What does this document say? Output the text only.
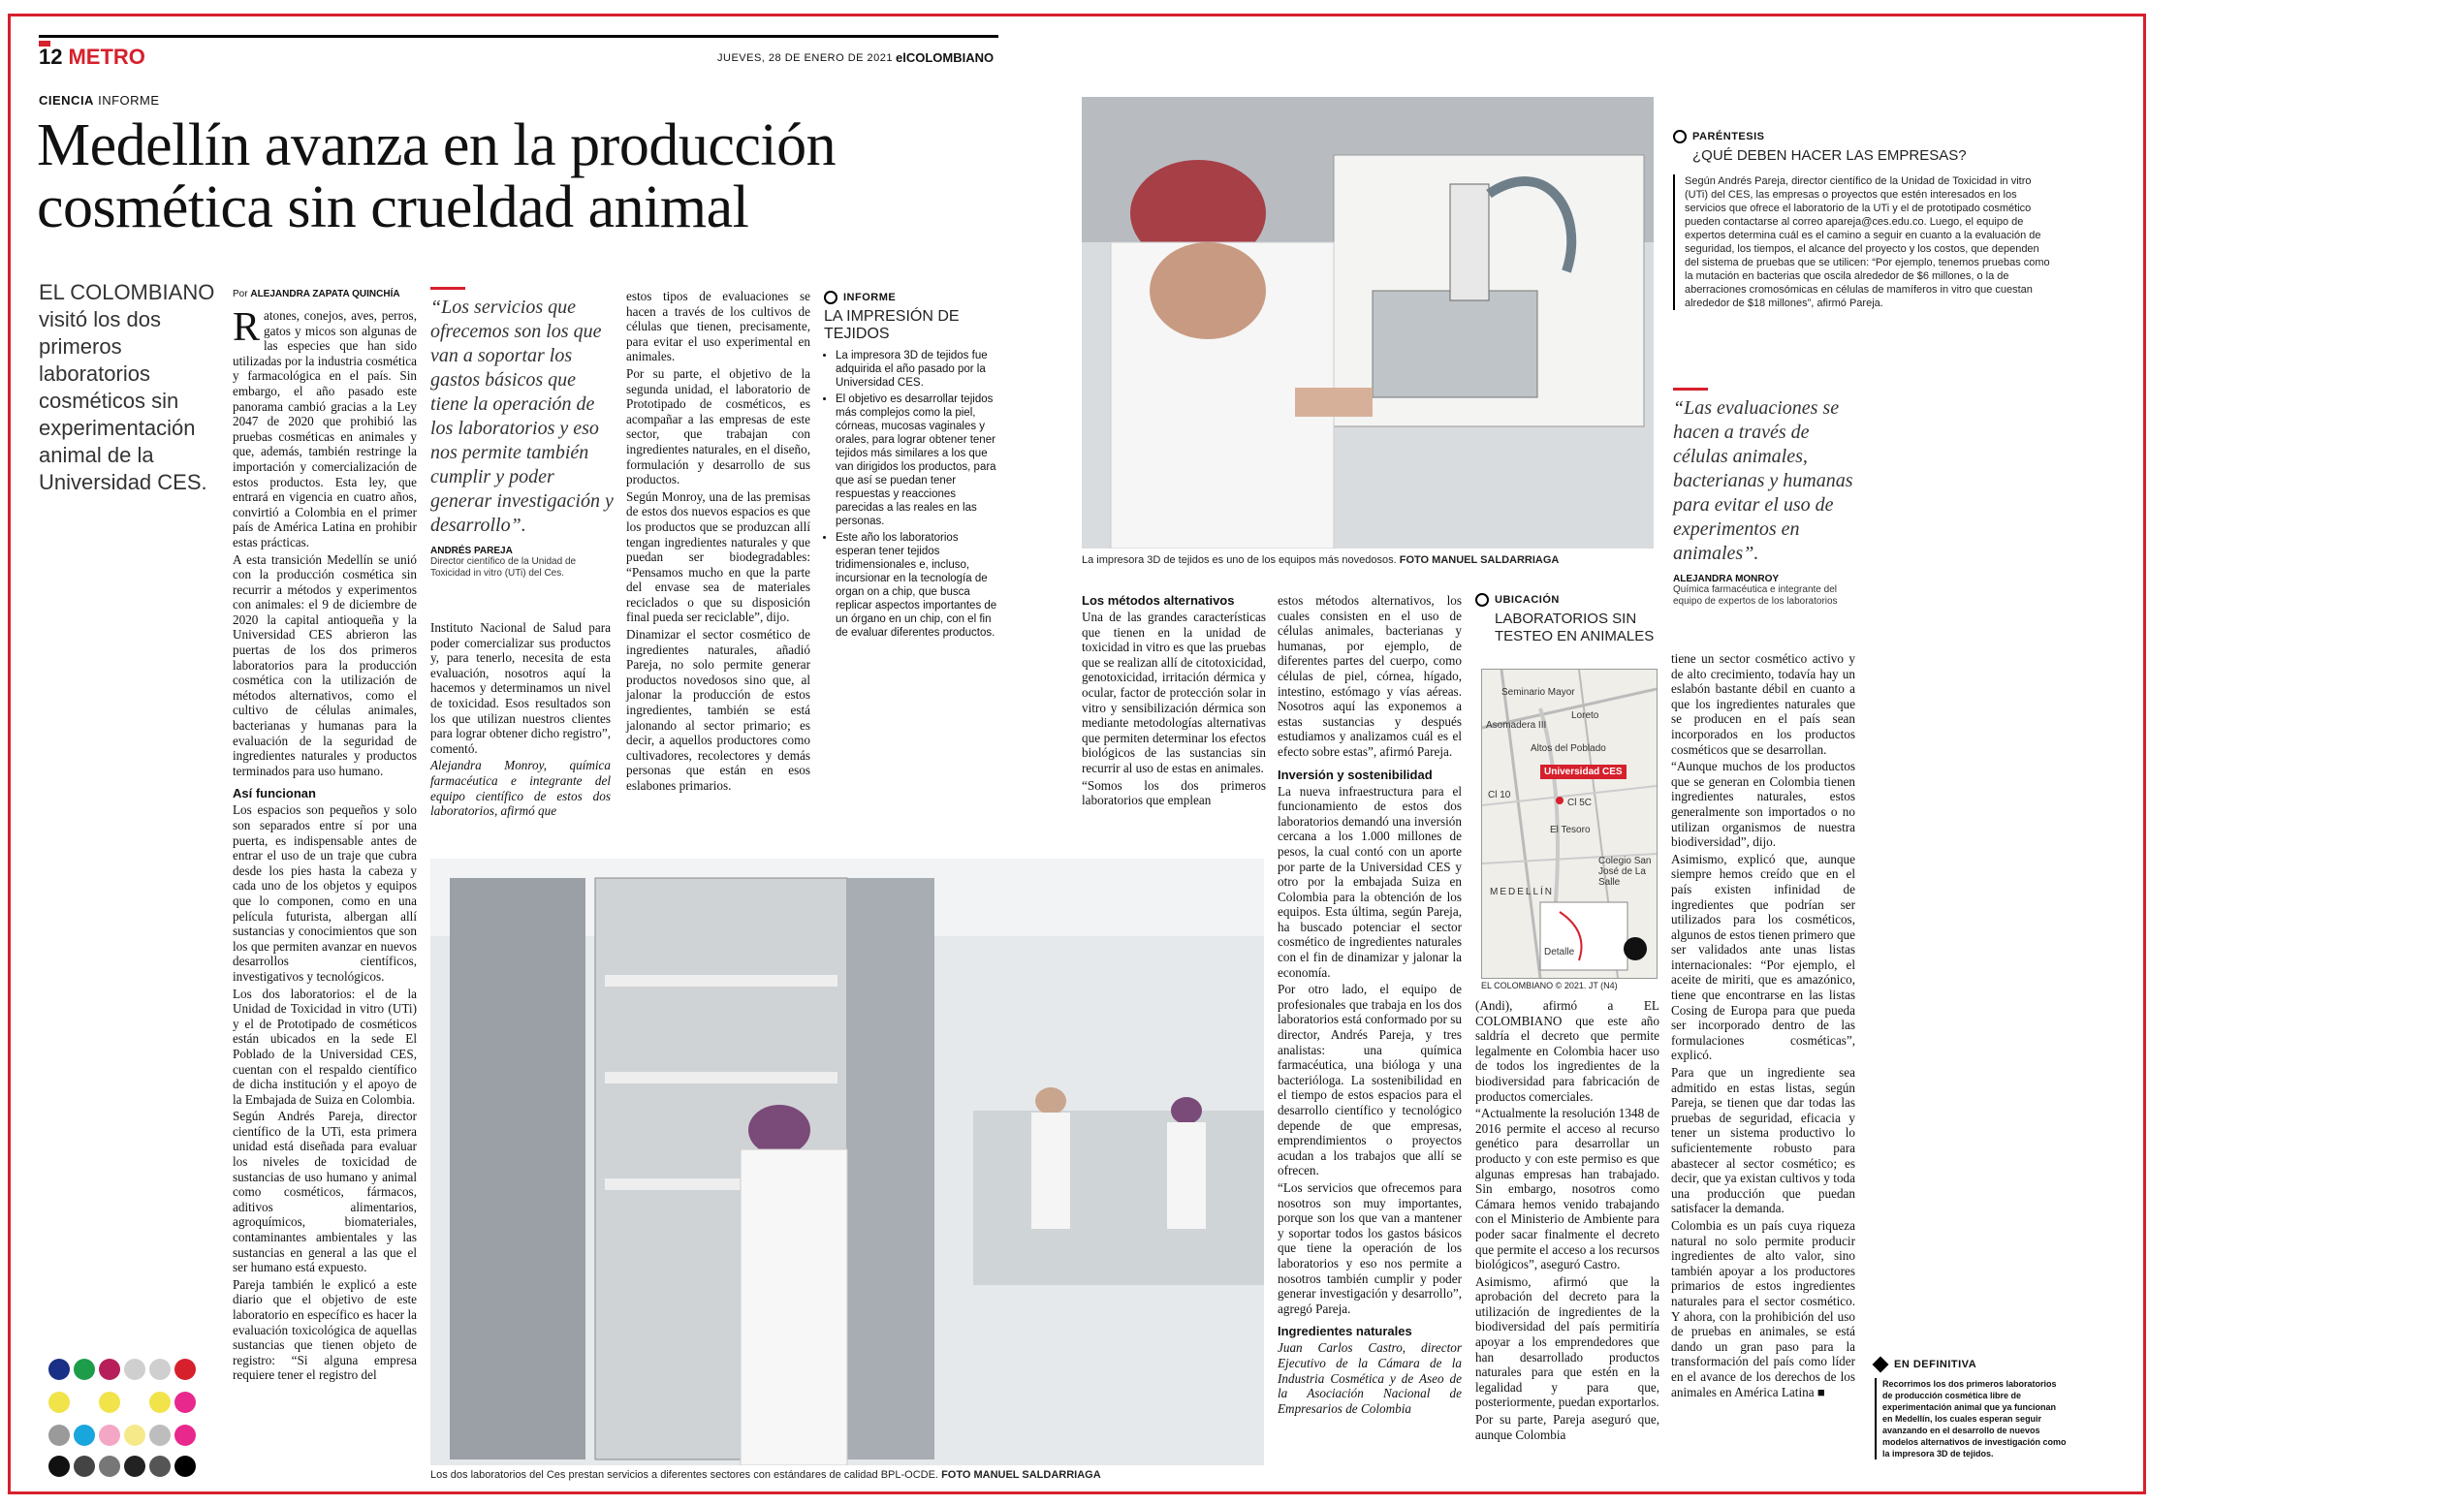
12 METRO	JUEVES, 28 DE ENERO DE 2021 elCOLOMBIANO
CIENCIA INFORME
Medellín avanza en la producción cosmética sin crueldad animal
EL COLOMBIANO visitó los dos primeros laboratorios cosméticos sin experimentación animal de la Universidad CES.
Por ALEJANDRA ZAPATA QUINCHÍA

Ratones, conejos, aves, perros, gatos y micos son algunas de las especies que han sido utilizadas por la industria cosmética y farmacológica en el país. Sin embargo, el año pasado este panorama cambió gracias a la Ley 2047 de 2020 que prohibió las pruebas cosméticas en animales y que, además, también restringe la importación y comercialización de estos productos. Esta ley, que entrará en vigencia en cuatro años, convirtió a Colombia en el primer país de América Latina en prohibir estas prácticas.

A esta transición Medellín se unió con la producción cosmética sin recurrir a métodos y experimentos con animales: el 9 de diciembre de 2020 la capital antioqueña y la Universidad CES abrieron las puertas de los dos primeros laboratorios para la producción cosmética con la utilización de métodos alternativos, como el cultivo de células animales, bacterianas y humanas para la evaluación de la seguridad de ingredientes naturales y productos terminados para uso humano.

Así funcionan

Los espacios son pequeños y solo son separados entre sí por una puerta, es indispensable antes de entrar el uso de un traje que cubra desde los pies hasta la cabeza y cada uno de los objetos y equipos que lo componen, como en una película futurista, albergan allí sustancias y conocimientos que son los que permiten avanzar en nuevos desarrollos científicos, investigativos y tecnológicos.

Los dos laboratorios: el de la Unidad de Toxicidad in vitro (UTi) y el de Prototipado de cosméticos están ubicados en la sede El Poblado de la Universidad CES, cuentan con el respaldo científico de dicha institución y el apoyo de la Embajada de Suiza en Colombia.

Según Andrés Pareja, director científico de la UTi, esta primera unidad está diseñada para evaluar los niveles de toxicidad de sustancias de uso humano y animal como cosméticos, fármacos, aditivos alimentarios, agroquímicos, biomateriales, contaminantes ambientales y las sustancias en general a las que el ser humano está expuesto.

Pareja también le explicó a este diario que el objetivo de este laboratorio en específico es hacer la evaluación toxicológica de aquellas sustancias que tienen objeto de registro: “Si alguna empresa requiere tener el registro del

“Los servicios que ofrecemos son los que van a soportar los gastos básicos que tiene la operación de los laboratorios y eso nos permite también cumplir y poder generar investigación y desarrollo”.
ANDRÉS PAREJA
Director científico de la Unidad de Toxicidad in vitro (UTi) del Ces.

Instituto Nacional de Salud para poder comercializar sus productos y, para tenerlo, necesita de esta evaluación, nosotros aquí la hacemos y determinamos un nivel de toxicidad. Esos resultados son los que utilizan nuestros clientes para lograr obtener dicho registro”, comentó.

Alejandra Monroy, química farmacéutica e integrante del equipo científico de estos dos laboratorios, afirmó que

estos tipos de evaluaciones se hacen a través de los cultivos de células que tienen, precisamente, para evitar el uso experimental en animales.

Por su parte, el objetivo de la segunda unidad, el laboratorio de Prototipado de cosméticos, es acompañar a las empresas de este sector, que trabajan con ingredientes naturales, en el diseño, formulación y desarrollo de sus productos.

Según Monroy, una de las premisas de estos dos nuevos espacios es que los productos que se produzcan allí tengan ingredientes naturales y que puedan ser biodegradables: “Pensamos mucho en que la parte del envase sea de materiales reciclados o que su disposición final pueda ser reciclable”, dijo.

Dinamizar el sector cosmético de ingredientes naturales, añadió Pareja, no solo permite generar productos novedosos sino que, al jalonar la producción de estos ingredientes, también se está jalonando al sector primario; es decir, a aquellos productores como cultivadores, recolectores y demás personas que están en esos eslabones primarios.

INFORME
LA IMPRESIÓN DE TEJIDOS
• La impresora 3D de tejidos fue adquirida el año pasado por la Universidad CES.
• El objetivo es desarrollar tejidos más complejos como la piel, córneas, mucosas vaginales y orales, para lograr obtener tener tejidos más similares a los que van dirigidos los productos, para que así se puedan tener respuestas y reacciones parecidas a las reales en las personas.
• Este año los laboratorios esperan tener tejidos tridimensionales e, incluso, incursionar en la tecnología de organ on a chip, que busca replicar aspectos importantes de un órgano en un chip, con el fin de evaluar diferentes productos.
La impresora 3D de tejidos es uno de los equipos más novedosos. FOTO MANUEL SALDARRIAGA
PARÉNTESIS
¿QUÉ DEBEN HACER LAS EMPRESAS?
Según Andrés Pareja, director científico de la Unidad de Toxicidad in vitro (UTi) del CES, las empresas o proyectos que estén interesados en los servicios que ofrece el laboratorio de la UTi y el de prototipado cosmético pueden contactarse al correo apareja@ces.edu.co. Luego, el equipo de expertos determina cuál es el camino a seguir en cuanto a la evaluación de seguridad, los tiempos, el alcance del proyecto y los costos, que dependen del sistema de pruebas que se utilicen: “Por ejemplo, tenemos pruebas como la mutación en bacterias que oscila alrededor de $6 millones, o la de aberraciones cromosómicas en células de mamíferos in vitro que cuestan alrededor de $18 millones”, afirmó Pareja.
“Las evaluaciones se hacen a través de células animales, bacterianas y humanas para evitar el uso de experimentos en animales”.
ALEJANDRA MONROY
Química farmacéutica e integrante del equipo de expertos de los laboratorios
Los dos laboratorios del Ces prestan servicios a diferentes sectores con estándares de calidad BPL-OCDE. FOTO MANUEL SALDARRIAGA
Los métodos alternativos

Una de las grandes características que tienen en la unidad de toxicidad in vitro es que las pruebas que se realizan allí de citotoxicidad, genotoxicidad, irritación dérmica y ocular, factor de protección solar in vitro y sensibilización dérmica son mediante metodologías alternativas que permiten determinar los efectos biológicos de las sustancias sin recurrir al uso de estas en animales.

“Somos los dos primeros laboratorios que emplean

estos métodos alternativos, los cuales consisten en el uso de células animales, bacterianas y humanas, por ejemplo, de diferentes partes del cuerpo, como células de piel, córnea, hígado, intestino, estómago y vías aéreas. Nosotros aquí las exponemos a estas sustancias y después estudiamos y analizamos cuál es el efecto sobre estas”, afirmó Pareja.

Inversión y sostenibilidad

La nueva infraestructura para el funcionamiento de estos dos laboratorios demandó una inversión cercana a los 1.000 millones de pesos, la cual contó con un aporte por parte de la Universidad CES y otro por la embajada Suiza en Colombia para la obtención de los equipos. Esta última, según Pareja, ha buscado potenciar el sector cosmético de ingredientes naturales con el fin de dinamizar y jalonar la economía.

Por otro lado, el equipo de profesionales que trabaja en los dos laboratorios está conformado por su director, Andrés Pareja, y tres analistas: una química farmacéutica, una bióloga y una bacterióloga. La sostenibilidad en el tiempo de estos espacios para el desarrollo científico y tecnológico depende de que empresas, emprendimientos o proyectos acudan a los trabajos que allí se ofrecen.

“Los servicios que ofrecemos para nosotros son muy importantes, porque son los que van a mantener y soportar todos los gastos básicos que tiene la operación de los laboratorios y eso nos permite a nosotros también cumplir y poder generar investigación y desarrollo”, agregó Pareja.

Ingredientes naturales

Juan Carlos Castro, director Ejecutivo de la Cámara de la Industria Cosmética y de Aseo de la Asociación Nacional de Empresarios de Colombia

UBICACIÓN
LABORATORIOS SIN TESTEO EN ANIMALES
Seminario Mayor
Loreto
Asomadera III
Altos del Poblado
Universidad CES
Cl 10
Cl 5C
El Tesoro
Colegio San José de La Salle
MEDELLÍN
Detalle
EL COLOMBIANO © 2021. JT (N4)

(Andi), afirmó a EL COLOMBIANO que este año saldría el decreto que permite legalmente en Colombia hacer uso de todos los ingredientes de la biodiversidad para fabricación de productos comerciales.

“Actualmente la resolución 1348 de 2016 permite el acceso al recurso genético para desarrollar un producto y con este permiso es que algunas empresas han trabajado. Sin embargo, nosotros como Cámara hemos venido trabajando con el Ministerio de Ambiente para poder sacar finalmente el decreto que permite el acceso a los recursos biológicos”, aseguró Castro.

Asimismo, afirmó que la aprobación del decreto para la utilización de ingredientes de la biodiversidad del país permitiría apoyar a los emprendedores que han desarrollado productos naturales para que estén en la legalidad y para que, posteriormente, puedan exportarlos.

Por su parte, Pareja aseguró que, aunque Colombia

tiene un sector cosmético activo y de alto crecimiento, todavía hay un eslabón bastante débil en cuanto a que los ingredientes naturales que se producen en el país sean incorporados en los productos cosméticos que se desarrollan.

“Aunque muchos de los productos que se generan en Colombia tienen ingredientes naturales, estos generalmente son importados o no utilizan organismos de nuestra biodiversidad”, dijo.

Asimismo, explicó que, aunque siempre hemos creído que en el país existen infinidad de ingredientes que podrían ser utilizados para los cosméticos, algunos de estos tienen primero que ser validados ante unas listas internacionales: “Por ejemplo, el aceite de miriti, que es amazónico, tiene que encontrarse en las listas Cosing de Europa para que pueda ser incorporado dentro de las formulaciones cosméticas”, explicó.

Para que un ingrediente sea admitido en estas listas, según Pareja, se tienen que dar todas las pruebas de seguridad, eficacia y tener un sistema productivo lo suficientemente robusto para abastecer al sector cosmético; es decir, que ya existan cultivos y toda una producción que puedan satisfacer la demanda.

Colombia es un país cuya riqueza natural no solo permite producir ingredientes de alto valor, sino también apoyar a los productores primarios de estos ingredientes naturales para el sector cosmético. Y ahora, con la prohibición del uso de pruebas en animales, se está dando un gran paso para la transformación del país como líder en el avance de los derechos de los animales en América Latina ■

EN DEFINITIVA
Recorrimos los dos primeros laboratorios de producción cosmética libre de experimentación animal que ya funcionan en Medellín, los cuales esperan seguir avanzando en el desarrollo de nuevos modelos alternativos de investigación como la impresora 3D de tejidos.
